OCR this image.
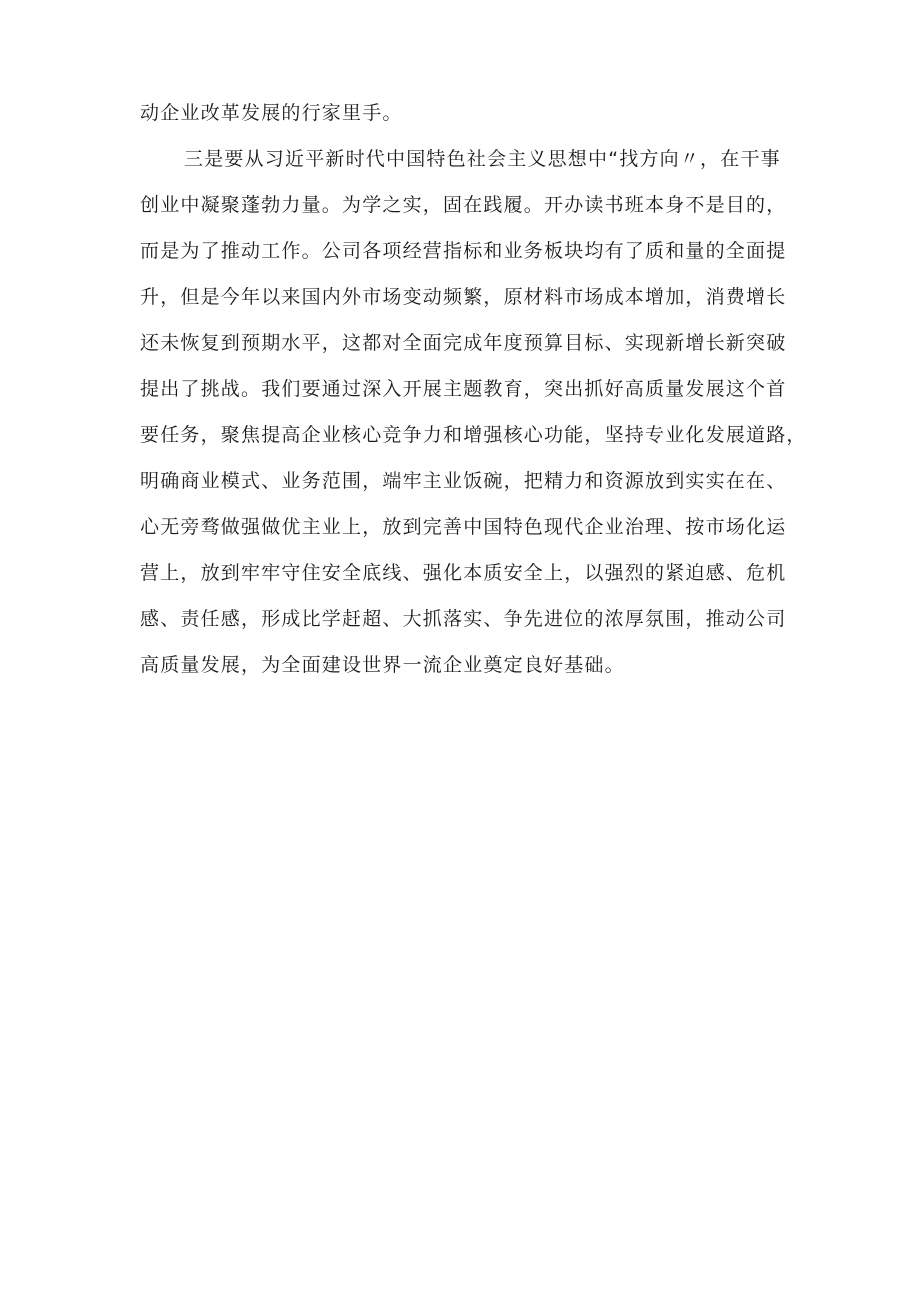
动企业改革发展的行家里手。
三是要从习近平新时代中国特色社会主义思想中“找方向〃，在干事
创业中凝聚蓬勃力量。为学之实，固在践履。开办读书班本身不是目的，
而是为了推动工作。公司各项经营指标和业务板块均有了质和量的全面提
升，但是今年以来国内外市场变动频繁，原材料市场成本增加，消费增长
还未恢复到预期水平，这都对全面完成年度预算目标、实现新增长新突破
提出了挑战。我们要通过深入开展主题教育，突出抓好高质量发展这个首
要任务，聚焦提高企业核心竞争力和增强核心功能，坚持专业化发展道路，
明确商业模式、业务范围，端牢主业饭碗，把精力和资源放到实实在在、
心无旁骛做强做优主业上，放到完善中国特色现代企业治理、按市场化运
营上，放到牢牢守住安全底线、强化本质安全上，以强烈的紧迫感、危机
感、责任感，形成比学赶超、大抓落实、争先进位的浓厚氛围，推动公司
高质量发展，为全面建设世界一流企业奠定良好基础。
